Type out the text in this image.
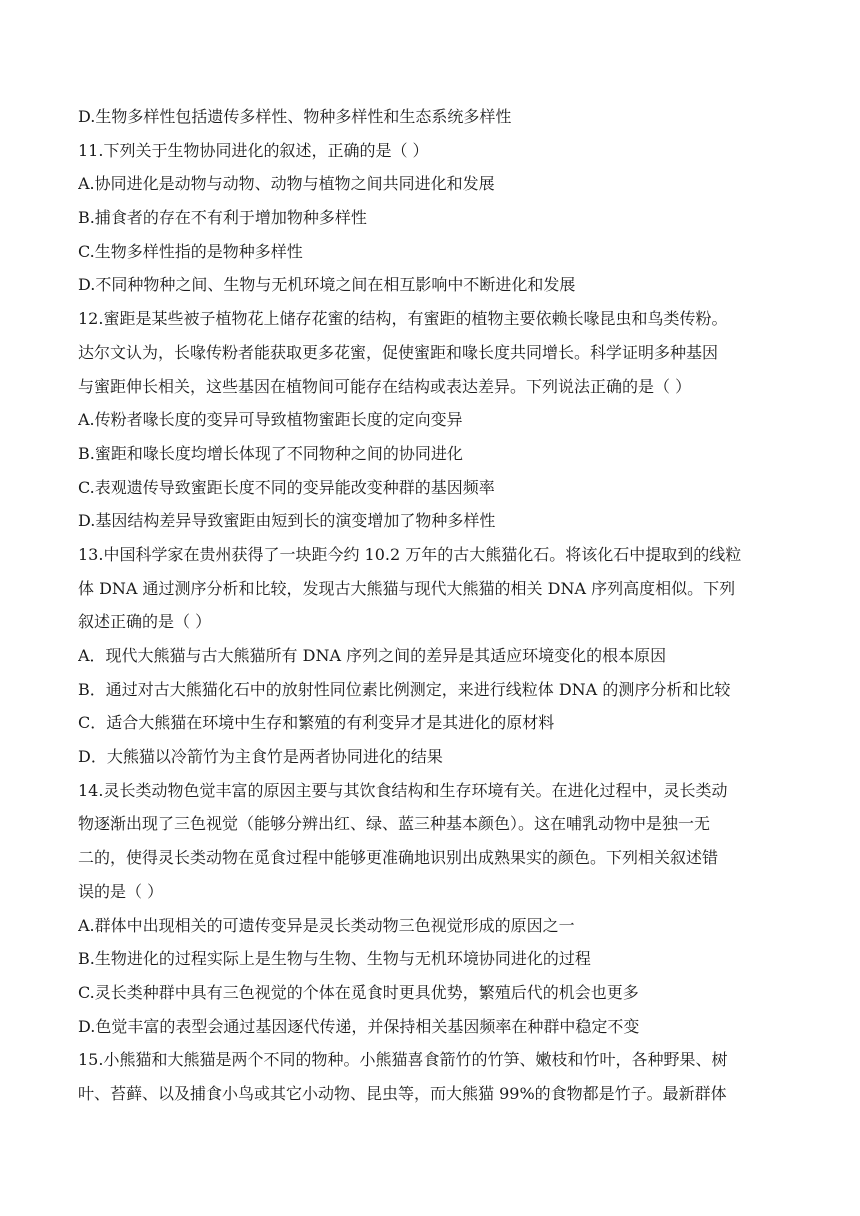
D.生物多样性包括遗传多样性、物种多样性和生态系统多样性
11.下列关于生物协同进化的叙述，正确的是（ ）
A.协同进化是动物与动物、动物与植物之间共同进化和发展
B.捕食者的存在不有利于增加物种多样性
C.生物多样性指的是物种多样性
D.不同种物种之间、生物与无机环境之间在相互影响中不断进化和发展
12.蜜距是某些被子植物花上储存花蜜的结构，有蜜距的植物主要依赖长喙昆虫和鸟类传粉。
达尔文认为，长喙传粉者能获取更多花蜜，促使蜜距和喙长度共同增长。科学证明多种基因
与蜜距伸长相关，这些基因在植物间可能存在结构或表达差异。下列说法正确的是（ ）
A.传粉者喙长度的变异可导致植物蜜距长度的定向变异
B.蜜距和喙长度均增长体现了不同物种之间的协同进化
C.表观遗传导致蜜距长度不同的变异能改变种群的基因频率
D.基因结构差异导致蜜距由短到长的演变增加了物种多样性
13.中国科学家在贵州获得了一块距今约 10.2 万年的古大熊猫化石。将该化石中提取到的线粒
体 DNA 通过测序分析和比较，发现古大熊猫与现代大熊猫的相关 DNA 序列高度相似。下列
叙述正确的是（ ）
A．现代大熊猫与古大熊猫所有 DNA 序列之间的差异是其适应环境变化的根本原因
B．通过对古大熊猫化石中的放射性同位素比例测定，来进行线粒体 DNA 的测序分析和比较
C．适合大熊猫在环境中生存和繁殖的有利变异才是其进化的原材料
D．大熊猫以冷箭竹为主食竹是两者协同进化的结果
14.灵长类动物色觉丰富的原因主要与其饮食结构和生存环境有关。在进化过程中，灵长类动
物逐渐出现了三色视觉（能够分辨出红、绿、蓝三种基本颜色）。这在哺乳动物中是独一无
二的，使得灵长类动物在觅食过程中能够更准确地识别出成熟果实的颜色。下列相关叙述错
误的是（ ）
A.群体中出现相关的可遗传变异是灵长类动物三色视觉形成的原因之一
B.生物进化的过程实际上是生物与生物、生物与无机环境协同进化的过程
C.灵长类种群中具有三色视觉的个体在觅食时更具优势，繁殖后代的机会也更多
D.色觉丰富的表型会通过基因逐代传递，并保持相关基因频率在种群中稳定不变
15.小熊猫和大熊猫是两个不同的物种。小熊猫喜食箭竹的竹笋、嫩枝和竹叶，各种野果、树
叶、苔藓、以及捕食小鸟或其它小动物、昆虫等，而大熊猫 99%的食物都是竹子。最新群体
